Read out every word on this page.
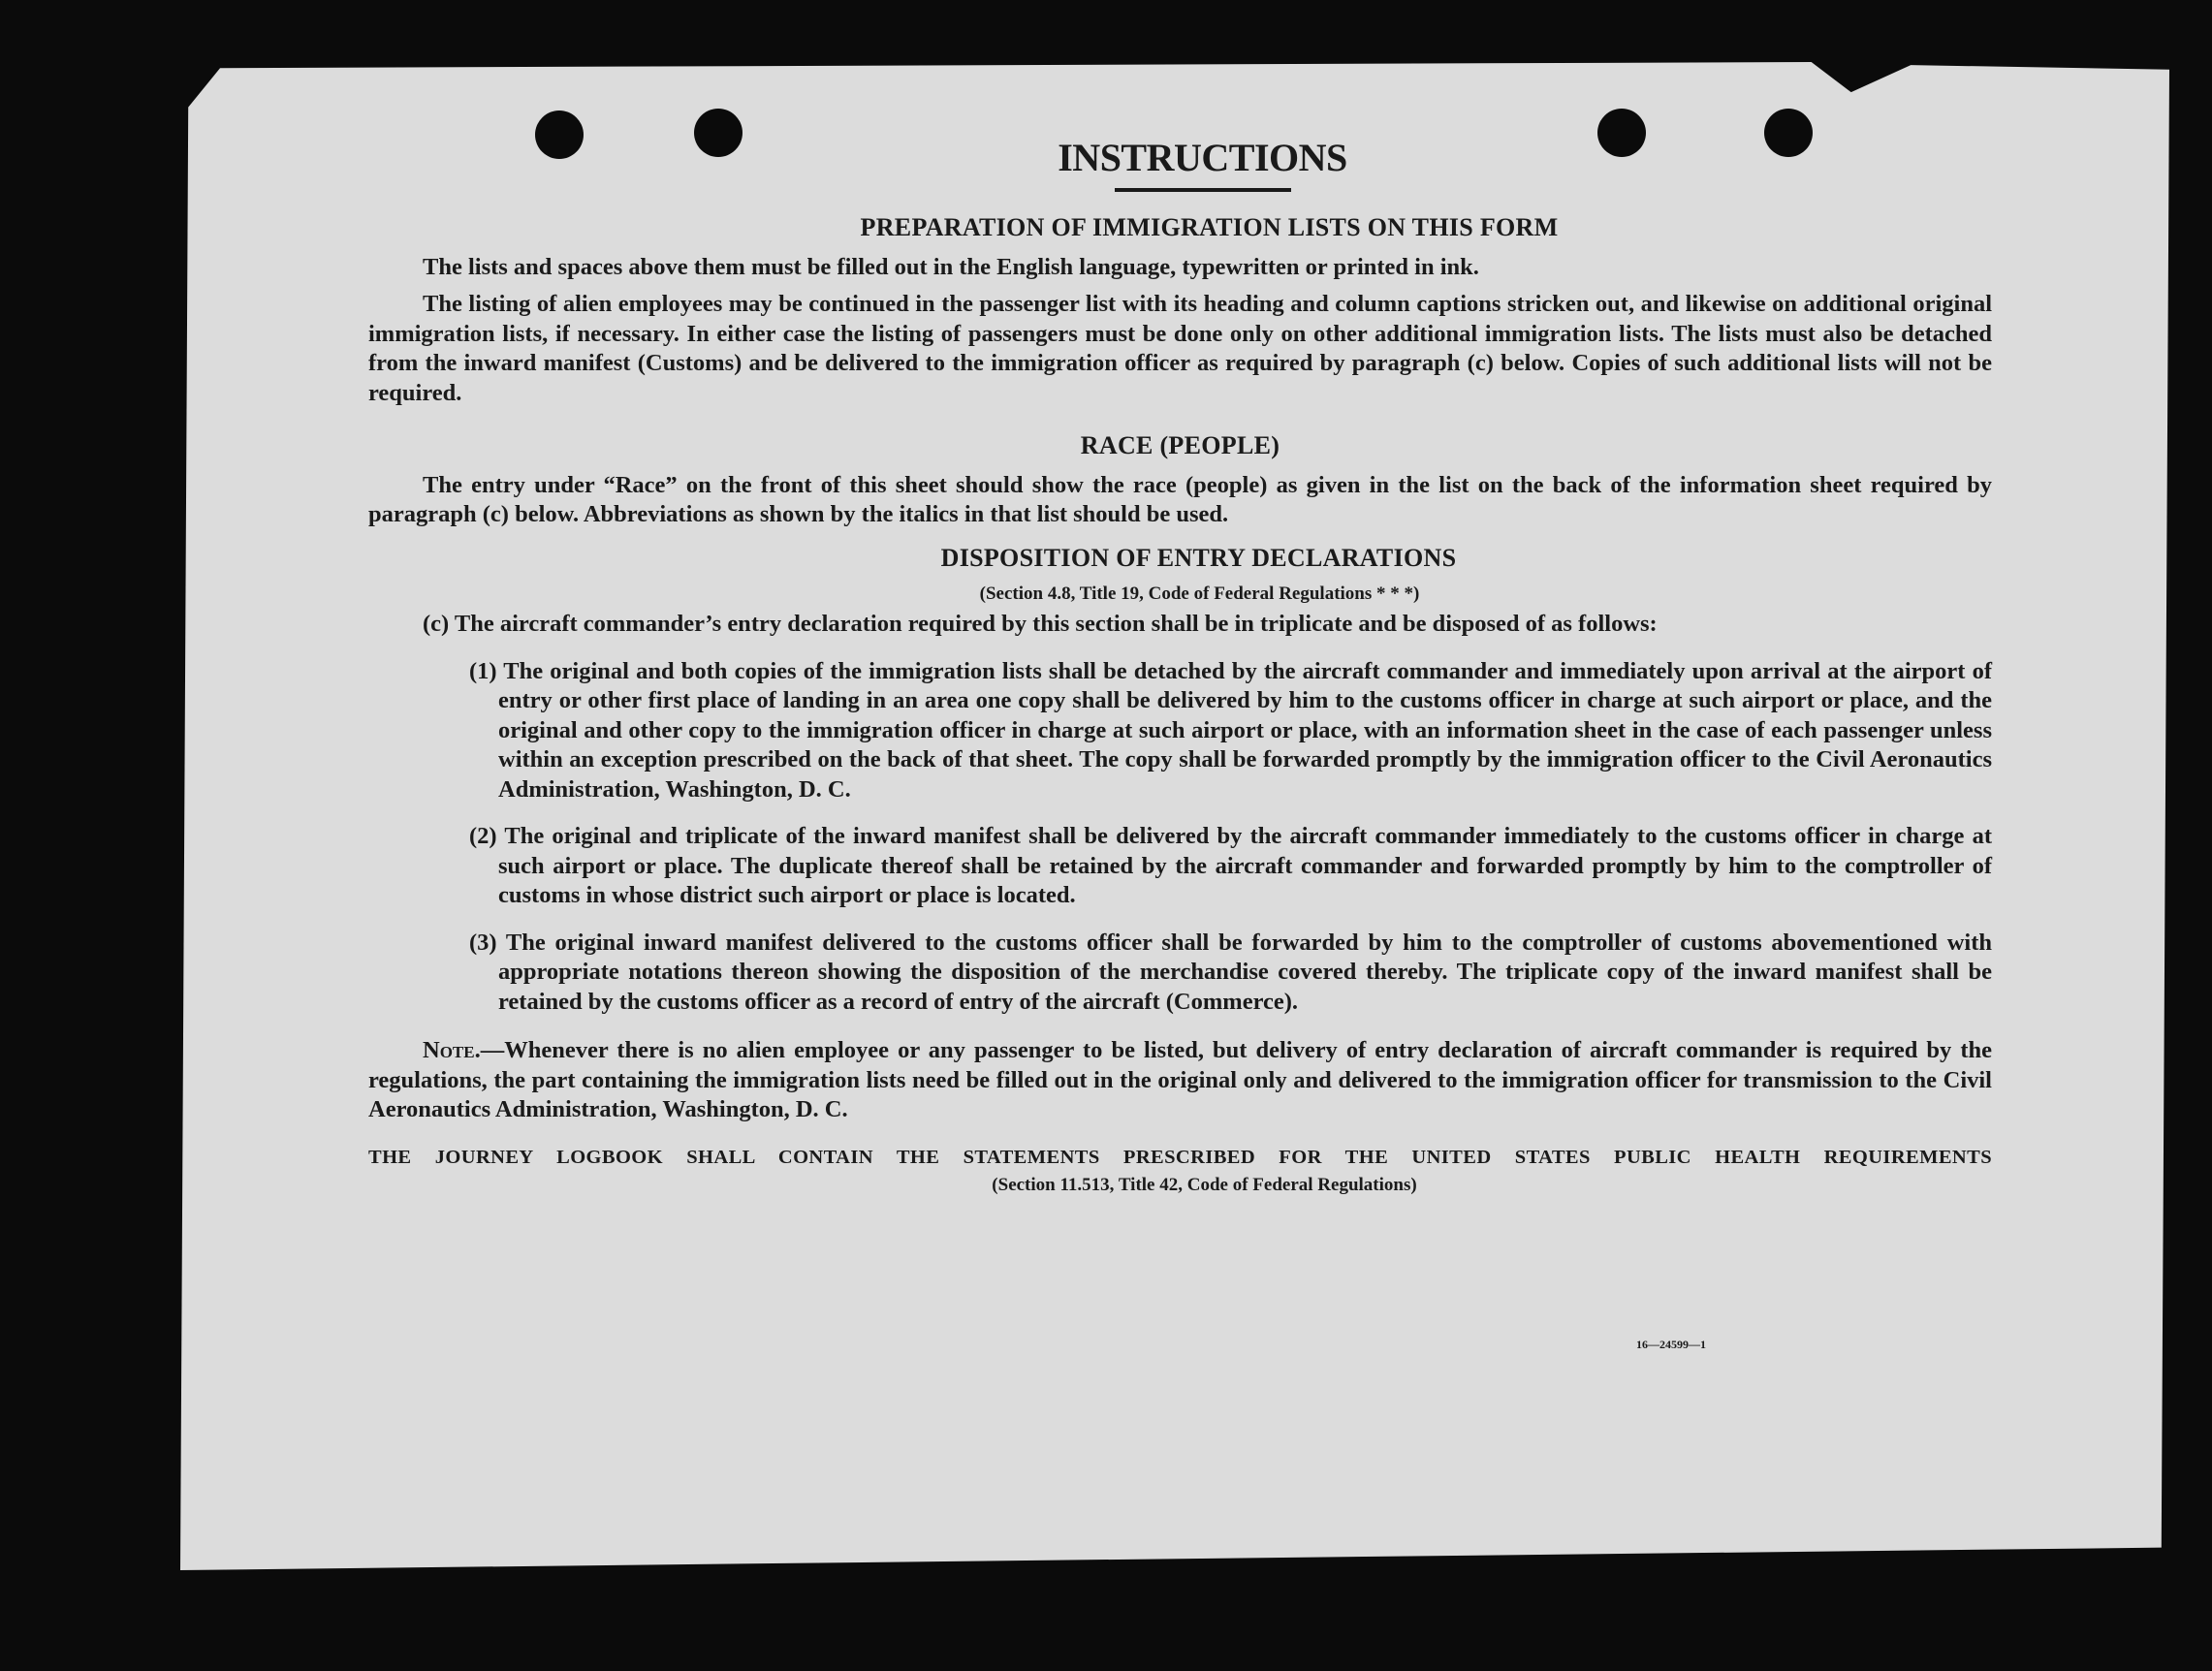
INSTRUCTIONS
PREPARATION OF IMMIGRATION LISTS ON THIS FORM

The lists and spaces above them must be filled out in the English language, typewritten or printed in ink.

The listing of alien employees may be continued in the passenger list with its heading and column captions stricken out, and likewise on additional original immigration lists, if necessary. In either case the listing of passengers must be done only on other additional immigration lists. The lists must also be detached from the inward manifest (Customs) and be delivered to the immigration officer as required by paragraph (c) below. Copies of such additional lists will not be required.

RACE (PEOPLE)

The entry under “Race” on the front of this sheet should show the race (people) as given in the list on the back of the information sheet required by paragraph (c) below. Abbreviations as shown by the italics in that list should be used.

DISPOSITION OF ENTRY DECLARATIONS
(Section 4.8, Title 19, Code of Federal Regulations * * *)

(c) The aircraft commander’s entry declaration required by this section shall be in triplicate and be disposed of as follows:

(1) The original and both copies of the immigration lists shall be detached by the aircraft commander and immediately upon arrival at the airport of entry or other first place of landing in an area one copy shall be delivered by him to the customs officer in charge at such airport or place, and the original and other copy to the immigration officer in charge at such airport or place, with an information sheet in the case of each passenger unless within an exception prescribed on the back of that sheet. The copy shall be forwarded promptly by the immigration officer to the Civil Aeronautics Administration, Washington, D. C.
(2) The original and triplicate of the inward manifest shall be delivered by the aircraft commander immediately to the customs officer in charge at such airport or place. The duplicate thereof shall be retained by the aircraft commander and forwarded promptly by him to the comptroller of customs in whose district such airport or place is located.
(3) The original inward manifest delivered to the customs officer shall be forwarded by him to the comptroller of customs abovementioned with appropriate notations thereon showing the disposition of the merchandise covered thereby. The triplicate copy of the inward manifest shall be retained by the customs officer as a record of entry of the aircraft (Commerce).

Note.—Whenever there is no alien employee or any passenger to be listed, but delivery of entry declaration of aircraft commander is required by the regulations, the part containing the immigration lists need be filled out in the original only and delivered to the immigration officer for transmission to the Civil Aeronautics Administration, Washington, D. C.

THE JOURNEY LOGBOOK SHALL CONTAIN THE STATEMENTS PRESCRIBED FOR THE UNITED STATES PUBLIC HEALTH REQUIREMENTS
(Section 11.513, Title 42, Code of Federal Regulations)
16—24599—1
